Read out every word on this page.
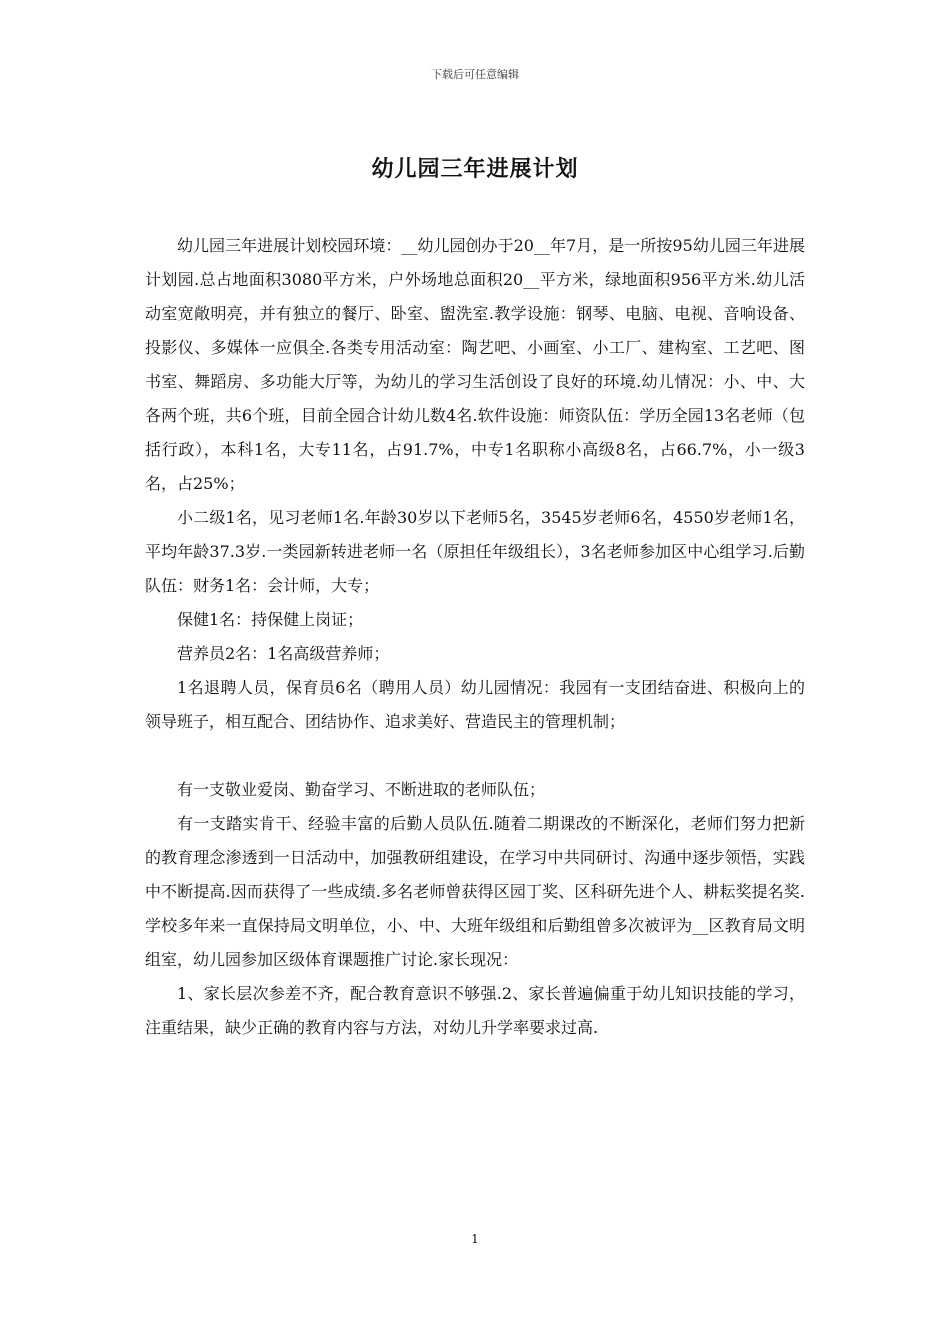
下载后可任意编辑
幼儿园三年进展计划

幼儿园三年进展计划校园环境：__幼儿园创办于20__年7月，是一所按95幼儿园三年进展计划园.总占地面积3080平方米，户外场地总面积20__平方米，绿地面积956平方米.幼儿活动室宽敞明亮，并有独立的餐厅、卧室、盥洗室.教学设施：钢琴、电脑、电视、音响设备、投影仪、多媒体一应俱全.各类专用活动室：陶艺吧、小画室、小工厂、建构室、工艺吧、图书室、舞蹈房、多功能大厅等，为幼儿的学习生活创设了良好的环境.幼儿情况：小、中、大各两个班，共6个班，目前全园合计幼儿数4名.软件设施：师资队伍：学历全园13名老师（包括行政），本科1名，大专11名，占91.7%，中专1名职称小高级8名，占66.7%，小一级3名，占25%；

小二级1名，见习老师1名.年龄30岁以下老师5名，3545岁老师6名，4550岁老师1名，平均年龄37.3岁.一类园新转进老师一名（原担任年级组长），3名老师参加区中心组学习.后勤队伍：财务1名：会计师，大专；

保健1名：持保健上岗证；

营养员2名：1名高级营养师；

1名退聘人员，保育员6名（聘用人员）幼儿园情况：我园有一支团结奋进、积极向上的领导班子，相互配合、团结协作、追求美好、营造民主的管理机制；

有一支敬业爱岗、勤奋学习、不断进取的老师队伍；

有一支踏实肯干、经验丰富的后勤人员队伍.随着二期课改的不断深化，老师们努力把新的教育理念渗透到一日活动中，加强教研组建设，在学习中共同研讨、沟通中逐步领悟，实践中不断提高.因而获得了一些成绩.多名老师曾获得区园丁奖、区科研先进个人、耕耘奖提名奖.学校多年来一直保持局文明单位，小、中、大班年级组和后勤组曾多次被评为__区教育局文明组室，幼儿园参加区级体育课题推广讨论.家长现况：

1、家长层次参差不齐，配合教育意识不够强.2、家长普遍偏重于幼儿知识技能的学习，注重结果，缺少正确的教育内容与方法，对幼儿升学率要求过高.

1
